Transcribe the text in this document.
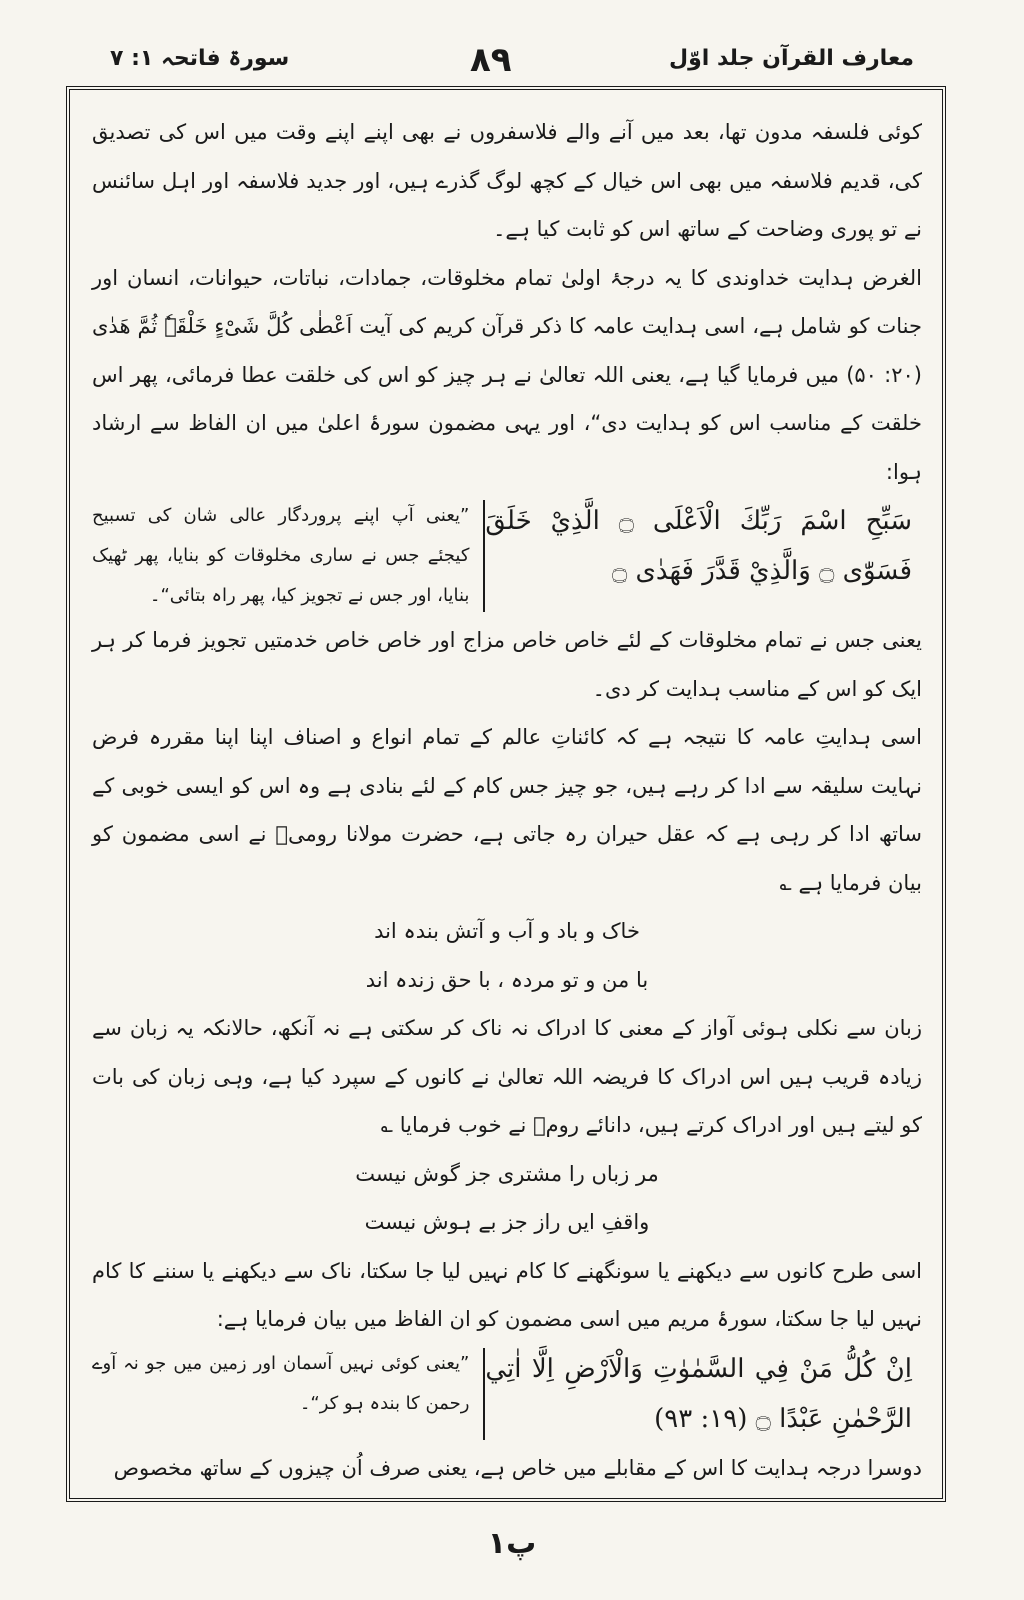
سورۃ فاتحہ ۱: ۷	۸۹	معارف القرآن جلد اوّل

کوئی فلسفہ مدون تھا، بعد میں آنے والے فلاسفروں نے بھی اپنے اپنے وقت میں اس کی تصدیق کی، قدیم فلاسفہ میں بھی اس خیال کے کچھ لوگ گذرے ہیں، اور جدید فلاسفہ اور اہل سائنس نے تو پوری وضاحت کے ساتھ اس کو ثابت کیا ہے۔

الغرض ہدایت خداوندی کا یہ درجۂ اولیٰ تمام مخلوقات، جمادات، نباتات، حیوانات، انسان اور جنات کو شامل ہے، اسی ہدایت عامہ کا ذکر قرآن کریم کی آیت اَعْطٰی کُلَّ شَیْءٍ خَلْقَہٗ ثُمَّ ھَدٰی (۲۰: ۵۰) میں فرمایا گیا ہے، یعنی اللہ تعالیٰ نے ہر چیز کو اس کی خلقت عطا فرمائی، پھر اس خلقت کے مناسب اس کو ہدایت دی“، اور یہی مضمون سورۂ اعلیٰ میں ان الفاظ سے ارشاد ہوا:

سَبِّحِ اسْمَ رَبِّكَ الْاَعْلَى ۝ الَّذِيْ خَلَقَ فَسَوّٰى ۝ وَالَّذِيْ قَدَّرَ فَهَدٰى ۝
”یعنی آپ اپنے پروردگار عالی شان کی تسبیح کیجئے جس نے ساری مخلوقات کو بنایا، پھر ٹھیک بنایا، اور جس نے تجویز کیا، پھر راہ بتائی“۔

یعنی جس نے تمام مخلوقات کے لئے خاص خاص مزاج اور خاص خاص خدمتیں تجویز فرما کر ہر ایک کو اس کے مناسب ہدایت کر دی۔

اسی ہدایتِ عامہ کا نتیجہ ہے کہ کائناتِ عالم کے تمام انواع و اصناف اپنا اپنا مقررہ فرض نہایت سلیقہ سے ادا کر رہے ہیں، جو چیز جس کام کے لئے بنادی ہے وہ اس کو ایسی خوبی کے ساتھ ادا کر رہی ہے کہ عقل حیران رہ جاتی ہے، حضرت مولانا رومیؒ نے اسی مضمون کو بیان فرمایا ہے ؎

خاک و باد و آب و آتش بندہ اند

با من و تو مردہ ، با حق زندہ اند

زبان سے نکلی ہوئی آواز کے معنی کا ادراک نہ ناک کر سکتی ہے نہ آنکھ، حالانکہ یہ زبان سے زیادہ قریب ہیں اس ادراک کا فریضہ اللہ تعالیٰ نے کانوں کے سپرد کیا ہے، وہی زبان کی بات کو لیتے ہیں اور ادراک کرتے ہیں، دانائے رومؒ نے خوب فرمایا ؎

مر زباں را مشتری جز گوش نیست

واقفِ ایں راز جز بے ہوش نیست

اسی طرح کانوں سے دیکھنے یا سونگھنے کا کام نہیں لیا جا سکتا، ناک سے دیکھنے یا سننے کا کام نہیں لیا جا سکتا، سورۂ مریم میں اسی مضمون کو ان الفاظ میں بیان فرمایا ہے:

اِنْ كُلُّ مَنْ فِي السَّمٰوٰتِ وَالْاَرْضِ اِلَّا اٰتِي الرَّحْمٰنِ عَبْدًا ۝ (۱۹: ۹۳)
”یعنی کوئی نہیں آسمان اور زمین میں جو نہ آوے رحمن کا بندہ ہو کر“۔

دوسرا درجہ ہدایت کا اس کے مقابلے میں خاص ہے، یعنی صرف اُن چیزوں کے ساتھ مخصوص

۱پ
